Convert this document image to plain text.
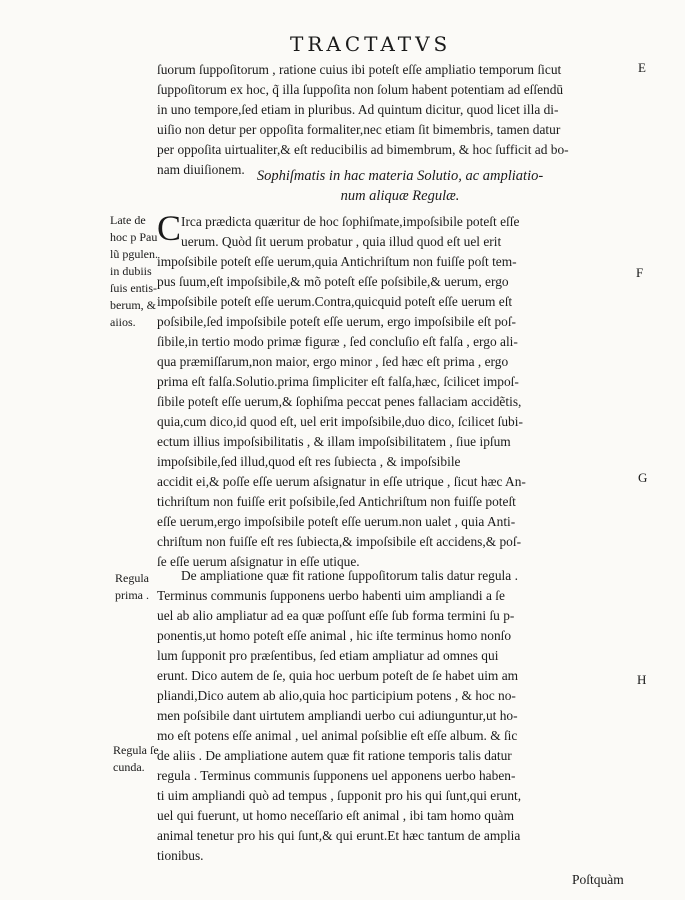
TRACTATVS
E
F
G
H
ſuorum ſuppoſitorum , ratione cuius ibi poteſt eſſe ampliatio temporum ſicut
ſuppoſitorum ex hoc, q̃ illa ſuppoſita non ſolum habent potentiam ad eſſendū
in uno tempore,ſed etiam in pluribus. Ad quintum dicitur, quod licet illa di-
uiſio non detur per oppoſita formaliter,nec etiam ſit bimembris, tamen datur
per oppoſita uirtualiter,& eſt reducibilis ad bimembrum, & hoc ſufficit ad bo-
nam diuiſionem. Sophiſmatis in hac materia Solutio, ac ampliatio-
num aliquæ Regulæ.
Late de
hoc p Pau
lũ pgulen.
in dubiis
ſuis entis-
berum, &
aiios.
C Irca prædicta quæritur de hoc ſophiſmate,impoſsibile poteſt eſſe
uerum. Quòd ſit uerum probatur , quia illud quod eſt uel erit
impoſsibile poteſt eſſe uerum,quia Antichriſtum non fuiſſe poſt tem-
pus ſuum,eſt impoſsibile,& mõ poteſt eſſe poſsibile,& uerum, ergo
impoſsibile poteſt eſſe uerum.Contra,quicquid poteſt eſſe uerum eſt
poſsibile,ſed impoſsibile poteſt eſſe uerum, ergo impoſsibile eſt poſ-
ſibile,in tertio modo primæ figuræ , ſed concluſio eſt falſa , ergo ali-
qua præmiſſarum,non maior, ergo minor , ſed hæc eſt prima , ergo
prima eſt falſa.Solutio.prima ſimpliciter eſt falſa,hæc, ſcilicet impoſ-
ſibile poteſt eſſe uerum,& ſophiſma peccat penes fallaciam accidẽtis,
quia,cum dico,id quod eſt, uel erit impoſsibile,duo dico, ſcilicet ſubi-
ectum illius impoſsibilitatis , & illam impoſsibilitatem , ſiue ipſum
impoſsibile,ſed illud,quod eſt res ſubiecta , & impoſsibile
accidit ei,& poſſe eſſe uerum aſsignatur in eſſe utrique , ſicut hæc An-
tichriſtum non fuiſſe erit poſsibile,ſed Antichriſtum non fuiſſe poteſt
eſſe uerum,ergo impoſsibile poteſt eſſe uerum.non ualet , quia Anti-
chriſtum non fuiſſe eſt res ſubiecta,& impoſsibile eſt accidens,& poſ-
ſe eſſe uerum aſsignatur in eſſe utique.
Regula
prima .
Regula ſe
cunda.
De ampliatione quæ fit ratione ſuppoſitorum talis datur regula .
Terminus communis ſupponens uerbo habenti uim ampliandi a ſe
uel ab alio ampliatur ad ea quæ poſſunt eſſe ſub forma termini ſu p-
ponentis,ut homo poteſt eſſe animal , hic iſte terminus homo nonſo
lum ſupponit pro præſentibus, ſed etiam ampliatur ad omnes qui
erunt. Dico autem de ſe, quia hoc uerbum poteſt de ſe habet uim am
pliandi,Dico autem ab alio,quia hoc participium potens , & hoc no-
men poſsibile dant uirtutem ampliandi uerbo cui adiunguntur,ut ho-
mo eſt potens eſſe animal , uel animal poſsiblie eſt eſſe album. & ſic
de aliis . De ampliatione autem quæ fit ratione temporis talis datur
regula . Terminus communis ſupponens uel apponens uerbo haben-
ti uim ampliandi quò ad tempus , ſupponit pro his qui ſunt,qui erunt,
uel qui fuerunt, ut homo neceſſario eſt animal , ibi tam homo quàm
animal tenetur pro his qui ſunt,& qui erunt.Et hæc tantum de amplia
tionibus.
Poſtquàm
